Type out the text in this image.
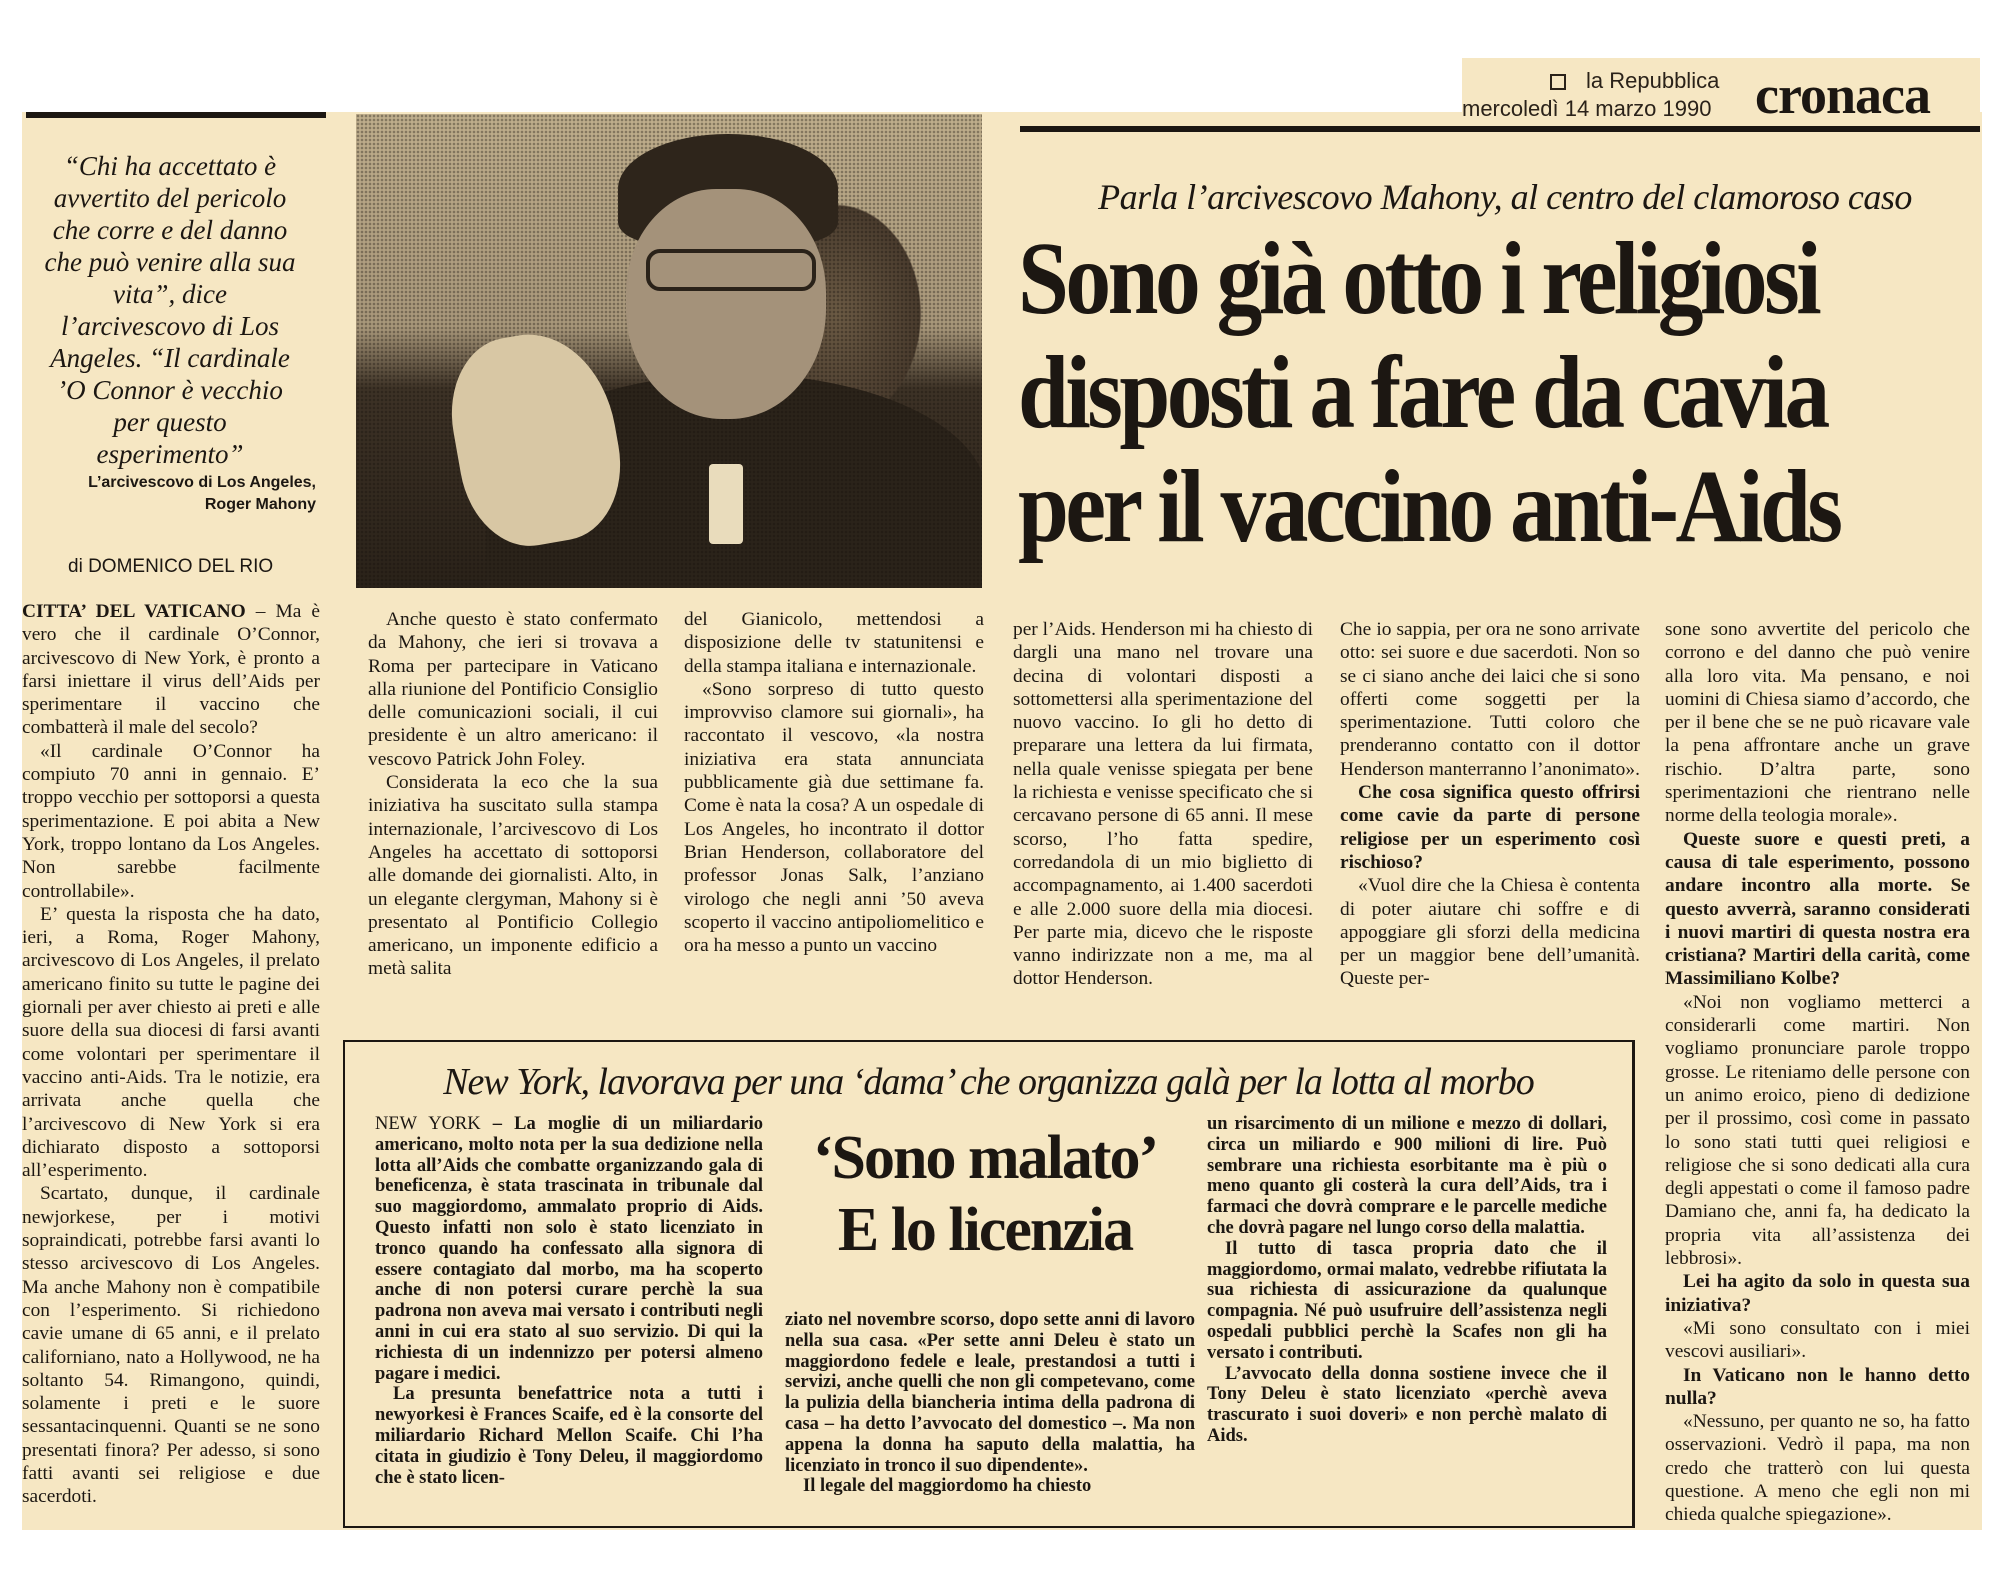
la Repubblica
mercoledì 14 marzo 1990 cronaca
“Chi ha accettato è avvertito del pericolo che corre e del danno che può venire alla sua vita”, dice l’arcivescovo di Los Angeles. “Il cardinale ’O Connor è vecchio per questo esperimento”
L’arcivescovo di Los Angeles,
Roger Mahony
di DOMENICO DEL RIO
Parla l’arcivescovo Mahony, al centro del clamoroso caso
Sono già otto i religiosi
disposti a fare da cavia
per il vaccino anti-Aids

CITTA’ DEL VATICANO – Ma è vero che il cardinale O’Connor, arcivescovo di New York, è pronto a farsi iniettare il virus dell’Aids per sperimentare il vaccino che combatterà il male del secolo?

«Il cardinale O’Connor ha compiuto 70 anni in gennaio. E’ troppo vecchio per sottoporsi a questa sperimentazione. E poi abita a New York, troppo lontano da Los Angeles. Non sarebbe facilmente controllabile».

E’ questa la risposta che ha dato, ieri, a Roma, Roger Mahony, arcivescovo di Los Angeles, il prelato americano finito su tutte le pagine dei giornali per aver chiesto ai preti e alle suore della sua diocesi di farsi avanti come volontari per sperimentare il vaccino anti-Aids. Tra le notizie, era arrivata anche quella che l’arcivescovo di New York si era dichiarato disposto a sottoporsi all’esperimento.

Scartato, dunque, il cardinale newjorkese, per i motivi sopraindicati, potrebbe farsi avanti lo stesso arcivescovo di Los Angeles. Ma anche Mahony non è compatibile con l’esperimento. Si richiedono cavie umane di 65 anni, e il prelato californiano, nato a Hollywood, ne ha soltanto 54. Rimangono, quindi, solamente i preti e le suore sessantacinquenni. Quanti se ne sono presentati finora? Per adesso, si sono fatti avanti sei religiose e due sacerdoti.

Anche questo è stato confermato da Mahony, che ieri si trovava a Roma per partecipare in Vaticano alla riunione del Pontificio Consiglio delle comunicazioni sociali, il cui presidente è un altro americano: il vescovo Patrick John Foley.

Considerata la eco che la sua iniziativa ha suscitato sulla stampa internazionale, l’arcivescovo di Los Angeles ha accettato di sottoporsi alle domande dei giornalisti. Alto, in un elegante clergyman, Mahony si è presentato al Pontificio Collegio americano, un imponente edificio a metà salita

del Gianicolo, mettendosi a disposizione delle tv statunitensi e della stampa italiana e internazionale.

«Sono sorpreso di tutto questo improvviso clamore sui giornali», ha raccontato il vescovo, «la nostra iniziativa era stata annunciata pubblicamente già due settimane fa. Come è nata la cosa? A un ospedale di Los Angeles, ho incontrato il dottor Brian Henderson, collaboratore del professor Jonas Salk, l’anziano virologo che negli anni ’50 aveva scoperto il vaccino antipoliomelitico e ora ha messo a punto un vaccino

per l’Aids. Henderson mi ha chiesto di dargli una mano nel trovare una decina di volontari disposti a sottomettersi alla sperimentazione del nuovo vaccino. Io gli ho detto di preparare una lettera da lui firmata, nella quale venisse spiegata per bene la richiesta e venisse specificato che si cercavano persone di 65 anni. Il mese scorso, l’ho fatta spedire, corredandola di un mio biglietto di accompagnamento, ai 1.400 sacerdoti e alle 2.000 suore della mia diocesi. Per parte mia, dicevo che le risposte vanno indirizzate non a me, ma al dottor Henderson.

Che io sappia, per ora ne sono arrivate otto: sei suore e due sacerdoti. Non so se ci siano anche dei laici che si sono offerti come soggetti per la sperimentazione. Tutti coloro che prenderanno contatto con il dottor Henderson manterranno l’anonimato».

Che cosa significa questo offrirsi come cavie da parte di persone religiose per un esperimento così rischioso?

«Vuol dire che la Chiesa è contenta di poter aiutare chi soffre e di appoggiare gli sforzi della medicina per un maggior bene dell’umanità. Queste per-

sone sono avvertite del pericolo che corrono e del danno che può venire alla loro vita. Ma pensano, e noi uomini di Chiesa siamo d’accordo, che per il bene che se ne può ricavare vale la pena affrontare anche un grave rischio. D’altra parte, sono sperimentazioni che rientrano nelle norme della teologia morale».

Queste suore e questi preti, a causa di tale esperimento, possono andare incontro alla morte. Se questo avverrà, saranno considerati i nuovi martiri di questa nostra era cristiana? Martiri della carità, come Massimiliano Kolbe?

«Noi non vogliamo metterci a considerarli come martiri. Non vogliamo pronunciare parole troppo grosse. Le riteniamo delle persone con un animo eroico, pieno di dedizione per il prossimo, così come in passato lo sono stati tutti quei religiosi e religiose che si sono dedicati alla cura degli appestati o come il famoso padre Damiano che, anni fa, ha dedicato la propria vita all’assistenza dei lebbrosi».

Lei ha agito da solo in questa sua iniziativa?

«Mi sono consultato con i miei vescovi ausiliari».

In Vaticano non le hanno detto nulla?

«Nessuno, per quanto ne so, ha fatto osservazioni. Vedrò il papa, ma non credo che tratterò con lui questa questione. A meno che egli non mi chieda qualche spiegazione».

New York, lavorava per una ‘dama’ che organizza galà per la lotta al morbo
‘Sono malato’
E lo licenzia

NEW YORK – La moglie di un miliardario americano, molto nota per la sua dedizione nella lotta all’Aids che combatte organizzando gala di beneficenza, è stata trascinata in tribunale dal suo maggiordomo, ammalato proprio di Aids. Questo infatti non solo è stato licenziato in tronco quando ha confessato alla signora di essere contagiato dal morbo, ma ha scoperto anche di non potersi curare perchè la sua padrona non aveva mai versato i contributi negli anni in cui era stato al suo servizio. Di qui la richiesta di un indennizzo per potersi almeno pagare i medici.

La presunta benefattrice nota a tutti i newyorkesi è Frances Scaife, ed è la consorte del miliardario Richard Mellon Scaife. Chi l’ha citata in giudizio è Tony Deleu, il maggiordomo che è stato licen-

ziato nel novembre scorso, dopo sette anni di lavoro nella sua casa. «Per sette anni Deleu è stato un maggiordono fedele e leale, prestandosi a tutti i servizi, anche quelli che non gli competevano, come la pulizia della biancheria intima della padrona di casa – ha detto l’avvocato del domestico –. Ma non appena la donna ha saputo della malattia, ha licenziato in tronco il suo dipendente».

Il legale del maggiordomo ha chiesto

un risarcimento di un milione e mezzo di dollari, circa un miliardo e 900 milioni di lire. Può sembrare una richiesta esorbitante ma è più o meno quanto gli costerà la cura dell’Aids, tra i farmaci che dovrà comprare e le parcelle mediche che dovrà pagare nel lungo corso della malattia.

Il tutto di tasca propria dato che il maggiordomo, ormai malato, vedrebbe rifiutata la sua richiesta di assicurazione da qualunque compagnia. Né può usufruire dell’assistenza negli ospedali pubblici perchè la Scafes non gli ha versato i contributi.

L’avvocato della donna sostiene invece che il Tony Deleu è stato licenziato «perchè aveva trascurato i suoi doveri» e non perchè malato di Aids.
